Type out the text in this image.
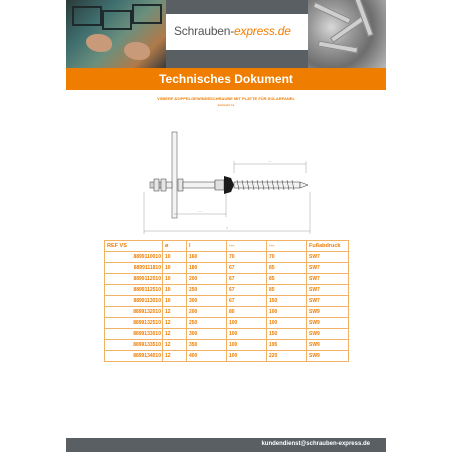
Schrauben-express.de
Technisches Dokument
VSBERF-DOPPELGEWINDESCHRAUBE MIT PLATTE FÜR SOLARPANEL
Edelstahl A2
---
---
l
REF VS	ø	l	---	---	Fußabdruck
8899110010	10	160	70	70	SW7
8899111810	10	180	67	85	SW7
8899112010	10	200	67	85	SW7
8899112510	10	250	67	85	SW7
8899113010	10	300	67	150	SW7
8899132010	12	200	80	100	SW9
8899132510	12	250	100	100	SW9
8899133010	12	300	100	150	SW9
8899133510	12	350	100	195	SW9
8899134010	12	400	100	220	SW9
kundendienst@schrauben-express.de
